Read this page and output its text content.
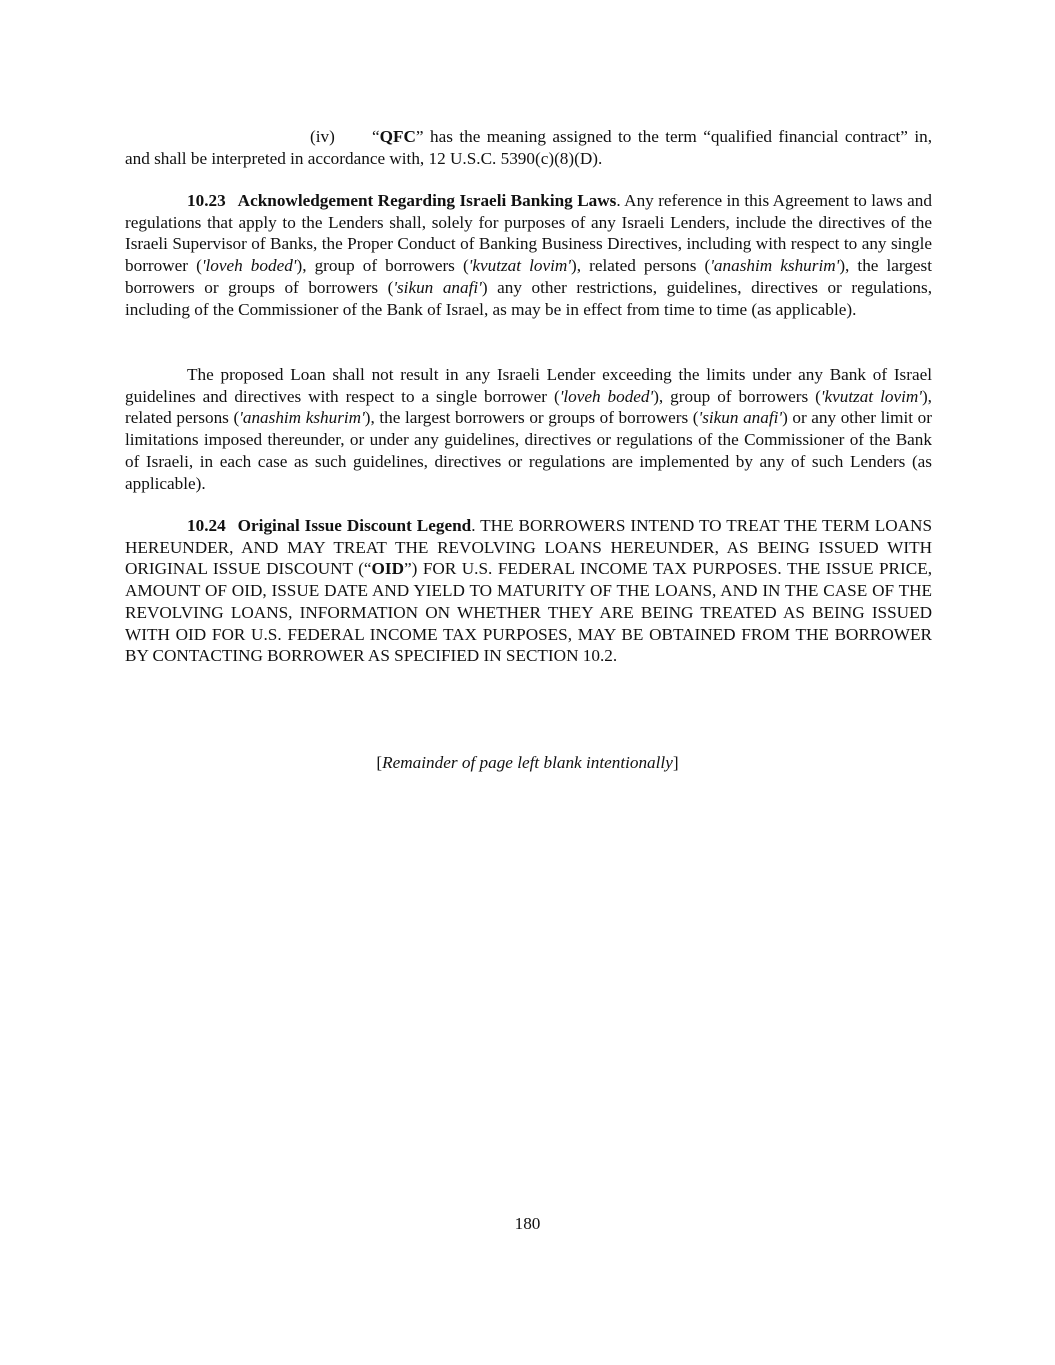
(iv) “QFC” has the meaning assigned to the term “qualified financial contract” in, and shall be interpreted in accordance with, 12 U.S.C. 5390(c)(8)(D).

10.23 Acknowledgement Regarding Israeli Banking Laws. Any reference in this Agreement to laws and regulations that apply to the Lenders shall, solely for purposes of any Israeli Lenders, include the directives of the Israeli Supervisor of Banks, the Proper Conduct of Banking Business Directives, including with respect to any single borrower ('loveh boded'), group of borrowers ('kvutzat lovim'), related persons ('anashim kshurim'), the largest borrowers or groups of borrowers ('sikun anafi') any other restrictions, guidelines, directives or regulations, including of the Commissioner of the Bank of Israel, as may be in effect from time to time (as applicable).

The proposed Loan shall not result in any Israeli Lender exceeding the limits under any Bank of Israel guidelines and directives with respect to a single borrower ('loveh boded'), group of borrowers ('kvutzat lovim'), related persons ('anashim kshurim'), the largest borrowers or groups of borrowers ('sikun anafi') or any other limit or limitations imposed thereunder, or under any guidelines, directives or regulations of the Commissioner of the Bank of Israeli, in each case as such guidelines, directives or regulations are implemented by any of such Lenders (as applicable).

10.24 Original Issue Discount Legend. THE BORROWERS INTEND TO TREAT THE TERM LOANS HEREUNDER, AND MAY TREAT THE REVOLVING LOANS HEREUNDER, AS BEING ISSUED WITH ORIGINAL ISSUE DISCOUNT (“OID”) FOR U.S. FEDERAL INCOME TAX PURPOSES. THE ISSUE PRICE, AMOUNT OF OID, ISSUE DATE AND YIELD TO MATURITY OF THE LOANS, AND IN THE CASE OF THE REVOLVING LOANS, INFORMATION ON WHETHER THEY ARE BEING TREATED AS BEING ISSUED WITH OID FOR U.S. FEDERAL INCOME TAX PURPOSES, MAY BE OBTAINED FROM THE BORROWER BY CONTACTING BORROWER AS SPECIFIED IN SECTION 10.2.

[Remainder of page left blank intentionally]

180
